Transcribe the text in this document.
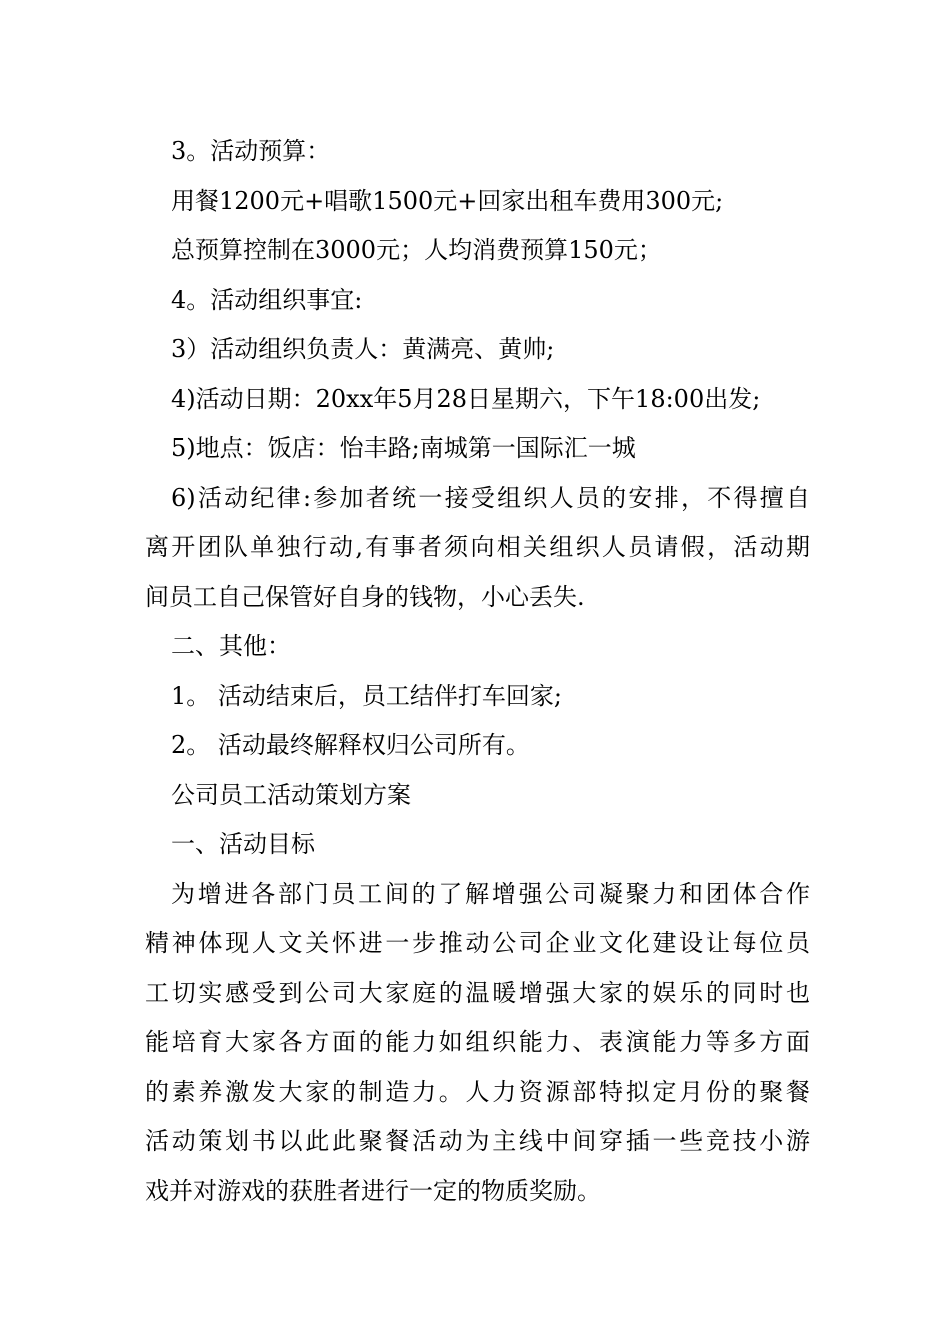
3。活动预算：

用餐1200元+唱歌1500元+回家出租车费用300元;

总预算控制在3000元；人均消费预算150元；

4。活动组织事宜:

3）活动组织负责人：黄满亮、黄帅;

4)活动日期：20xx年5月28日星期六，下午18:00出发;

5)地点：饭店：怡丰路;南城第一国际汇一城

6)活动纪律:参加者统一接受组织人员的安排，不得擅自

离开团队单独行动,有事者须向相关组织人员请假，活动期

间员工自己保管好自身的钱物，小心丢失.

二、其他：

1。 活动结束后，员工结伴打车回家;

2。 活动最终解释权归公司所有。

公司员工活动策划方案

一、活动目标

为增进各部门员工间的了解增强公司凝聚力和团体合作

精神体现人文关怀进一步推动公司企业文化建设让每位员

工切实感受到公司大家庭的温暖增强大家的娱乐的同时也

能培育大家各方面的能力如组织能力、表演能力等多方面

的素养激发大家的制造力。人力资源部特拟定月份的聚餐

活动策划书以此此聚餐活动为主线中间穿插一些竞技小游

戏并对游戏的获胜者进行一定的物质奖励。
